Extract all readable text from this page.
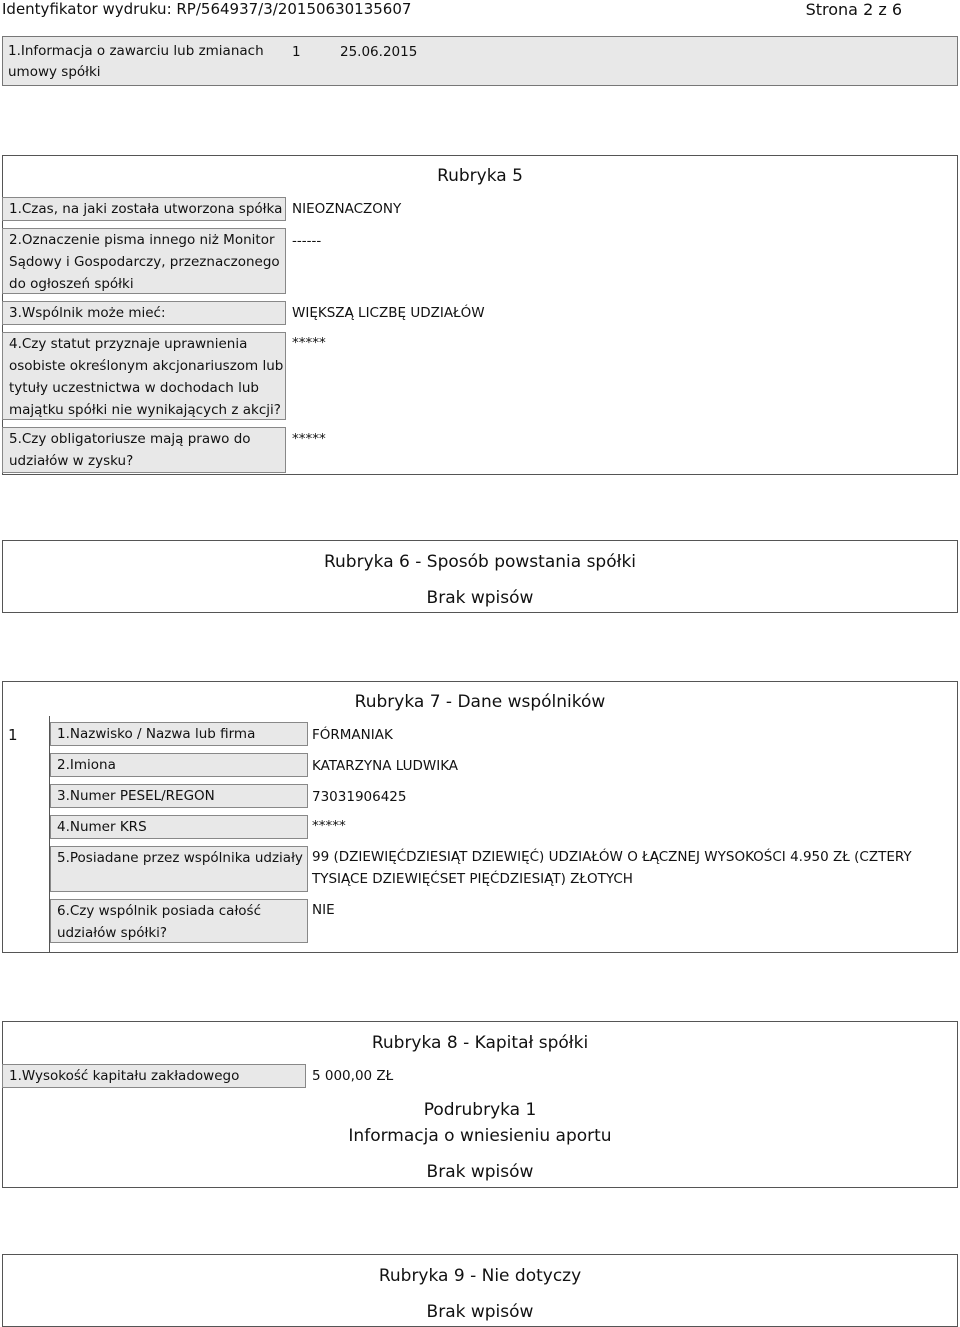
Identyfikator wydruku: RP/564937/3/20150630135607	Strona 2 z 6
1.Informacja o zawarciu lub zmianach umowy spółki
1	25.06.2015
Rubryka 5
1.Czas, na jaki została utworzona spółka NIEOZNACZONY
2.Oznaczenie pisma innego niż Monitor Sądowy i Gospodarczy, przeznaczonego do ogłoszeń spółki
------
3.Wspólnik może mieć:	WIĘKSZĄ LICZBĘ UDZIAŁÓW
4.Czy statut przyznaje uprawnienia osobiste określonym akcjonariuszom lub tytuły uczestnictwa w dochodach lub majątku spółki nie wynikających z akcji?
*****
5.Czy obligatoriusze mają prawo do udziałów w zysku?
*****
Rubryka 6 - Sposób powstania spółki
Brak wpisów
Rubryka 7 - Dane wspólników
1	1.Nazwisko / Nazwa lub firma	FÓRMANIAK
2.Imiona	KATARZYNA LUDWIKA
3.Numer PESEL/REGON	73031906425
4.Numer KRS	*****
5.Posiadane przez wspólnika udziały 99 (DZIEWIĘĆDZIESIĄT DZIEWIĘĆ) UDZIAŁÓW O ŁĄCZNEJ WYSOKOŚCI 4.950 ZŁ (CZTERY TYSIĄCE DZIEWIĘĆSET PIĘĆDZIESIĄT) ZŁOTYCH
6.Czy wspólnik posiada całość udziałów spółki?
NIE
Rubryka 8 - Kapitał spółki
1.Wysokość kapitału zakładowego	5 000,00 ZŁ
Podrubryka 1
Informacja o wniesieniu aportu
Brak wpisów
Rubryka 9 - Nie dotyczy
Brak wpisów
